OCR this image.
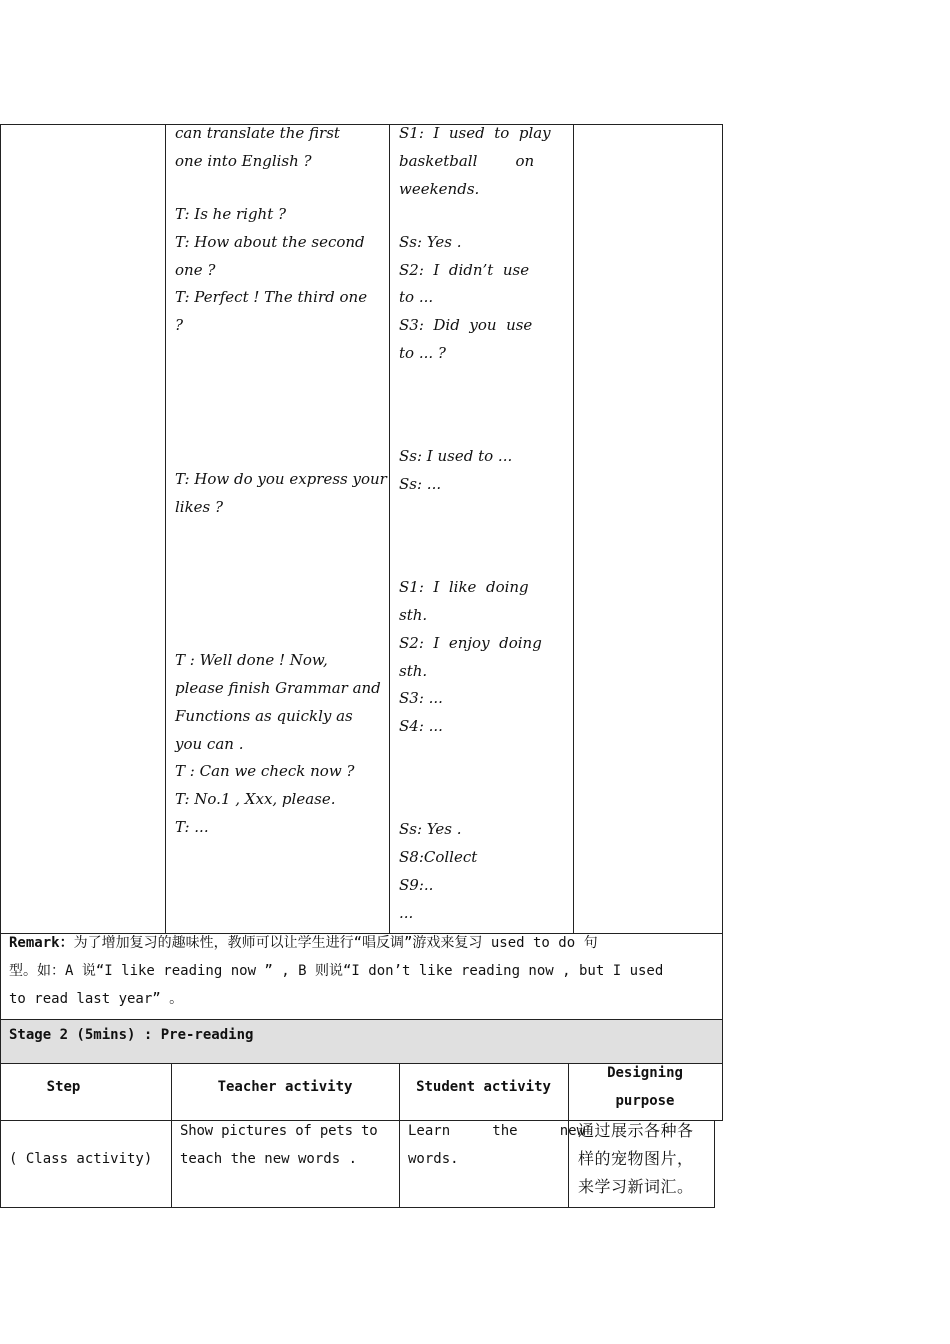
can translate the first

one into English ?

T: Is he right ?

T: How about the second

one ?

T: Perfect ! The third one

?

T: How do you express your

likes ?

T : Well done ! Now,

please finish Grammar and

Functions as quickly as

you can .

T : Can we check now ?

T: No.1 , Xxx, please.

T: ...

S1:  I  used  to  play

basketball        on

weekends.

Ss: Yes .

S2:  I  didn’t  use

to ...

S3:  Did  you  use

to ... ?

Ss: I used to ...

Ss: ...

S1:  I  like  doing

sth.

S2:  I  enjoy  doing

sth.

S3: ...

S4: ...

Ss: Yes .

S8:Collect

S9:..

...

Remark：为了增加复习的趣味性，教师可以让学生进行“唱反调”游戏来复习 used to do 句
型。如：A 说“I like reading now ” , B 则说“I don’t like reading now , but I used
to read last year” 。
Stage 2 (5mins) : Pre-reading
Step	Teacher activity	Student activity
Designing
purpose
( Class activity)
Show pictures of pets to
teach the new words .
Learn     the     new
words.
通过展示各种各
样的宠物图片，
来学习新词汇。
